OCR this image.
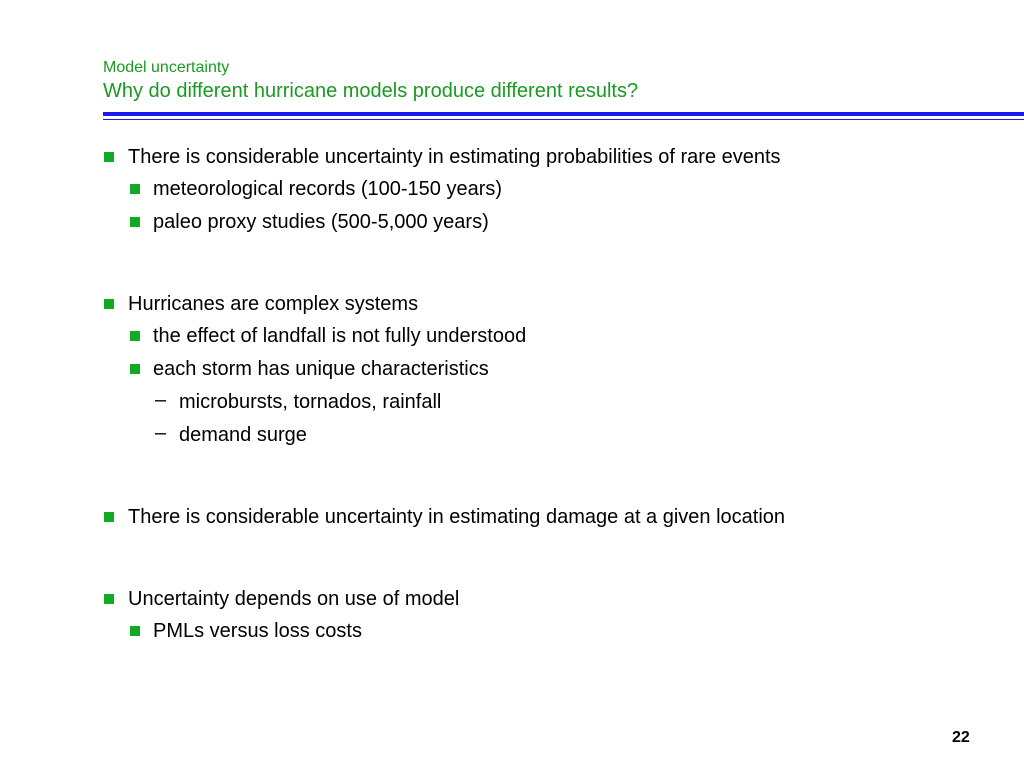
Model uncertainty
Why do different hurricane models produce different results?
There is considerable uncertainty in estimating probabilities of rare events
meteorological records (100-150 years)
paleo proxy studies (500-5,000 years)
Hurricanes are complex systems
the effect of landfall is not fully understood
each storm has unique characteristics
– microbursts, tornados, rainfall
– demand surge
There is considerable uncertainty in estimating damage at a given location
Uncertainty depends on use of model
PMLs versus loss costs
22
